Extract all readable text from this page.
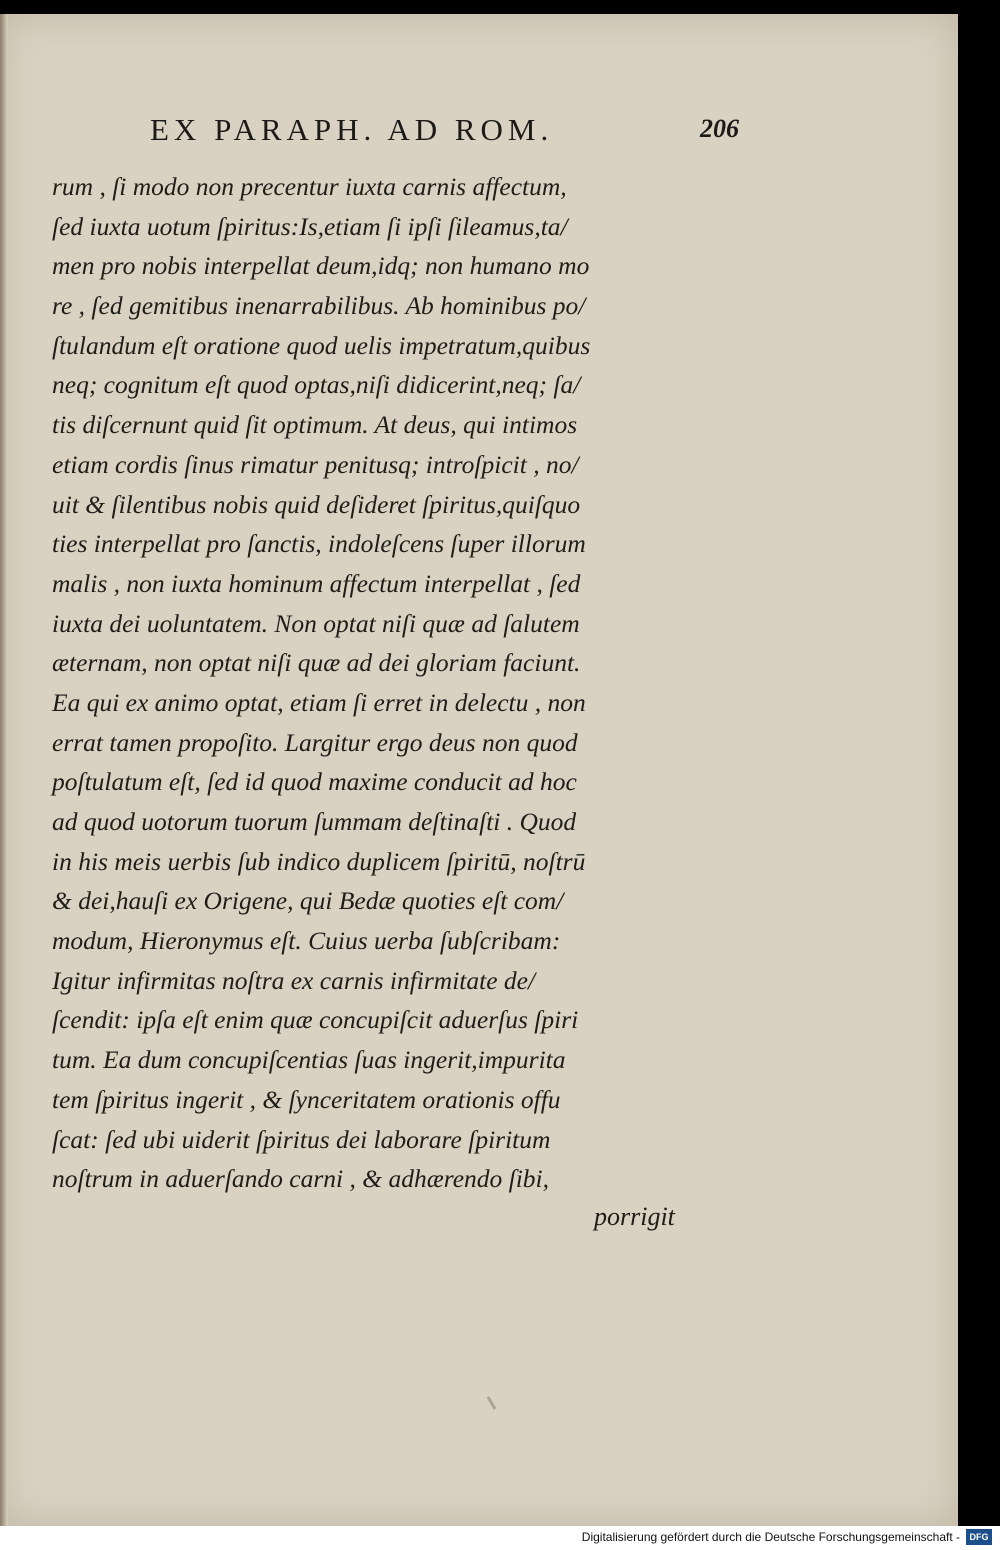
EX PARAPH. AD ROM.	206
rum , ſi modo non precentur iuxta carnis affectum,
ſed iuxta uotum ſpiritus:Is,etiam ſi ipſi ſileamus,ta/
men pro nobis interpellat deum,idq; non humano mo
re , ſed gemitibus inenarrabilibus. Ab hominibus po/
ſtulandum eſt oratione quod uelis impetratum,quibus
neq; cognitum eſt quod optas,niſi didicerint,neq; ſa/
tis diſcernunt quid ſit optimum. At deus, qui intimos
etiam cordis ſinus rimatur penitusq; introſpicit , no/
uit & ſilentibus nobis quid deſideret ſpiritus,quiſquo
ties interpellat pro ſanctis, indoleſcens ſuper illorum
malis , non iuxta hominum affectum interpellat , ſed
iuxta dei uoluntatem. Non optat niſi quæ ad ſalutem
æternam, non optat niſi quæ ad dei gloriam faciunt.
Ea qui ex animo optat, etiam ſi erret in delectu , non
errat tamen propoſito. Largitur ergo deus non quod
poſtulatum eſt, ſed id quod maxime conducit ad hoc
ad quod uotorum tuorum ſummam deſtinaſti . Quod
in his meis uerbis ſub indico duplicem ſpiritū, noſtrū
& dei,hauſi ex Origene, qui Bedæ quoties eſt com/
modum, Hieronymus eſt. Cuius uerba ſubſcribam:
Igitur infirmitas noſtra ex carnis infirmitate de/
ſcendit: ipſa eſt enim quæ concupiſcit aduerſus ſpiri
tum. Ea dum concupiſcentias ſuas ingerit,impurita
tem ſpiritus ingerit , & ſynceritatem orationis offu
ſcat: ſed ubi uiderit ſpiritus dei laborare ſpiritum
noſtrum in aduerſando carni , & adhærendo ſibi,
porrigit
Digitalisierung gefördert durch die Deutsche Forschungsgemeinschaft -	DFG
